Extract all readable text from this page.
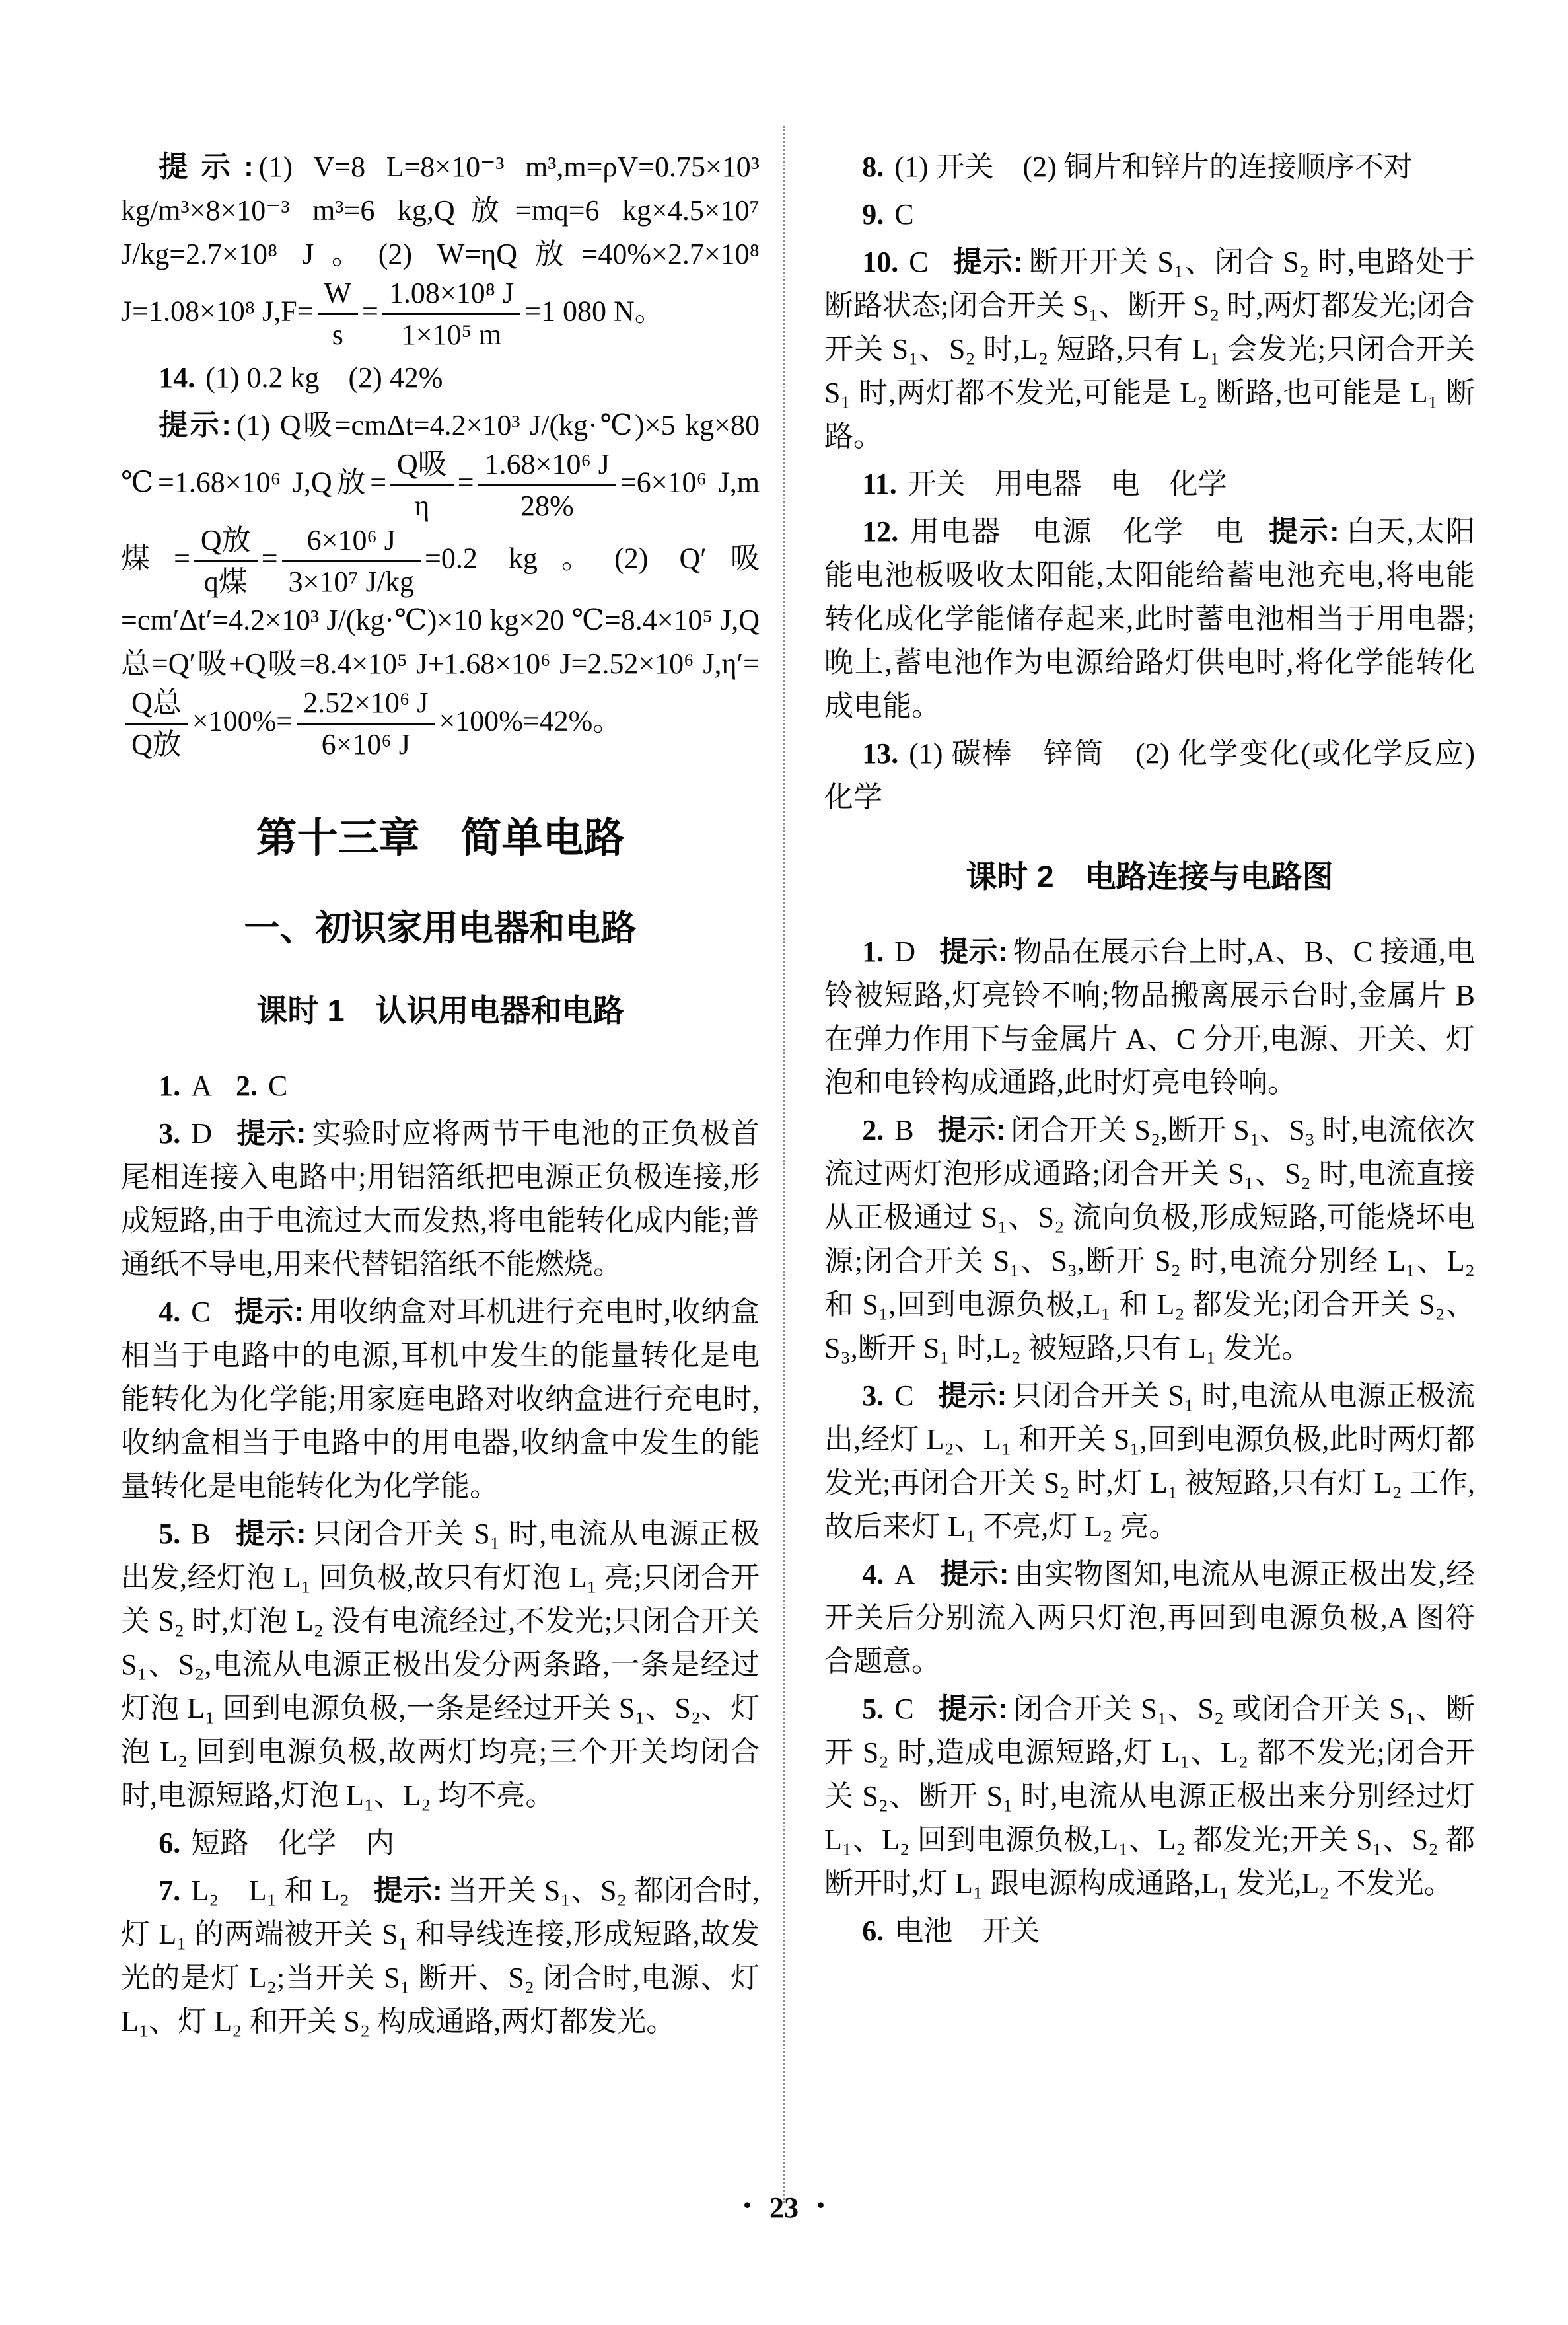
提示: (1) V=8 L=8×10⁻³ m³,m=ρV=0.75×10³ kg/m³×8×10⁻³ m³=6 kg,Q放=mq=6 kg×4.5×10⁷ J/kg=2.7×10⁸ J。(2) W=ηQ放=40%×2.7×10⁸ J=1.08×10⁸ $J,F= \frac{W}{s} = \frac{\text{1.08×10⁸ J}}{\text{1×10⁵ m}} =1$ 080 N。

14. (1) 0.2 kg　(2) 42%

提示: (1) Q吸=cmΔt=4.2×10³ J/(kg·℃)×5 kg×80 ℃=1.68×10⁶ J,Q放= $\frac{\text{Q吸}}{\eta} = \frac{\text{1.68×10⁶ J}}{28\%} =6\times 10^6$ J,m煤= $\frac{\text{Q放}}{\text{q煤}} = \frac{\text{6×10⁶ J}}{\text{3×10⁷ J/kg}} =0.2$ kg。(2) Q′吸=cm′Δt′=4.2×10³ J/(kg·℃)×10 kg×20 ℃=8.4×10⁵ J,Q总=Q′吸+Q吸=8.4×10⁵ J+1.68×10⁶ J=2.52×10⁶ J,η′=
$\frac{\text{Q总}}{\text{Q放}} \times 100\%= \frac{\text{2.52×10⁶ J}}{\text{6×10⁶ J}} \times 100\%=42\%$。

第十三章　简单电路
一、初识家用电器和电路
课时 1　认识用电器和电路

1. A 2. C

3. D 提示: 实验时应将两节干电池的正负极首尾相连接入电路中;用铝箔纸把电源正负极连接,形成短路,由于电流过大而发热,将电能转化成内能;普通纸不导电,用来代替铝箔纸不能燃烧。

4. C 提示: 用收纳盒对耳机进行充电时,收纳盒相当于电路中的电源,耳机中发生的能量转化是电能转化为化学能;用家庭电路对收纳盒进行充电时,收纳盒相当于电路中的用电器,收纳盒中发生的能量转化是电能转化为化学能。

5. B 提示: 只闭合开关 S₁ 时,电流从电源正极出发,经灯泡 L₁ 回负极,故只有灯泡 L₁ 亮;只闭合开关 S₂ 时,灯泡 L₂ 没有电流经过,不发光;只闭合开关 S₁、S₂,电流从电源正极出发分两条路,一条是经过灯泡 L₁ 回到电源负极,一条是经过开关 S₁、S₂、灯泡 L₂ 回到电源负极,故两灯均亮;三个开关均闭合时,电源短路,灯泡 L₁、L₂ 均不亮。

6. 短路　化学　内

7. L₂　L₁ 和 L₂ 提示: 当开关 S₁、S₂ 都闭合时,灯 L₁ 的两端被开关 S₁ 和导线连接,形成短路,故发光的是灯 L₂;当开关 S₁ 断开、S₂ 闭合时,电源、灯 L₁、灯 L₂ 和开关 S₂ 构成通路,两灯都发光。

8. (1) 开关　(2) 铜片和锌片的连接顺序不对

9. C

10. C 提示: 断开开关 S₁、闭合 S₂ 时,电路处于断路状态;闭合开关 S₁、断开 S₂ 时,两灯都发光;闭合开关 S₁、S₂ 时,L₂ 短路,只有 L₁ 会发光;只闭合开关 S₁ 时,两灯都不发光,可能是 L₂ 断路,也可能是 L₁ 断路。

11. 开关　用电器　电　化学

12. 用电器　电源　化学　电 提示: 白天,太阳能电池板吸收太阳能,太阳能给蓄电池充电,将电能转化成化学能储存起来,此时蓄电池相当于用电器;晚上,蓄电池作为电源给路灯供电时,将化学能转化成电能。

13. (1) 碳棒　锌筒　(2) 化学变化(或化学反应)　化学

课时 2　电路连接与电路图

1. D 提示: 物品在展示台上时,A、B、C 接通,电铃被短路,灯亮铃不响;物品搬离展示台时,金属片 B 在弹力作用下与金属片 A、C 分开,电源、开关、灯泡和电铃构成通路,此时灯亮电铃响。

2. B 提示: 闭合开关 S₂,断开 S₁、S₃ 时,电流依次流过两灯泡形成通路;闭合开关 S₁、S₂ 时,电流直接从正极通过 S₁、S₂ 流向负极,形成短路,可能烧坏电源;闭合开关 S₁、S₃,断开 S₂ 时,电流分别经 L₁、L₂ 和 S₁,回到电源负极,L₁ 和 L₂ 都发光;闭合开关 S₂、S₃,断开 S₁ 时,L₂ 被短路,只有 L₁ 发光。

3. C 提示: 只闭合开关 S₁ 时,电流从电源正极流出,经灯 L₂、L₁ 和开关 S₁,回到电源负极,此时两灯都发光;再闭合开关 S₂ 时,灯 L₁ 被短路,只有灯 L₂ 工作,故后来灯 L₁ 不亮,灯 L₂ 亮。

4. A 提示: 由实物图知,电流从电源正极出发,经开关后分别流入两只灯泡,再回到电源负极,A 图符合题意。

5. C 提示: 闭合开关 S₁、S₂ 或闭合开关 S₁、断开 S₂ 时,造成电源短路,灯 L₁、L₂ 都不发光;闭合开关 S₂、断开 S₁ 时,电流从电源正极出来分别经过灯 L₁、L₂ 回到电源负极,L₁、L₂ 都发光;开关 S₁、S₂ 都断开时,灯 L₁ 跟电源构成通路,L₁ 发光,L₂ 不发光。

6. 电池　开关

• 23 •
